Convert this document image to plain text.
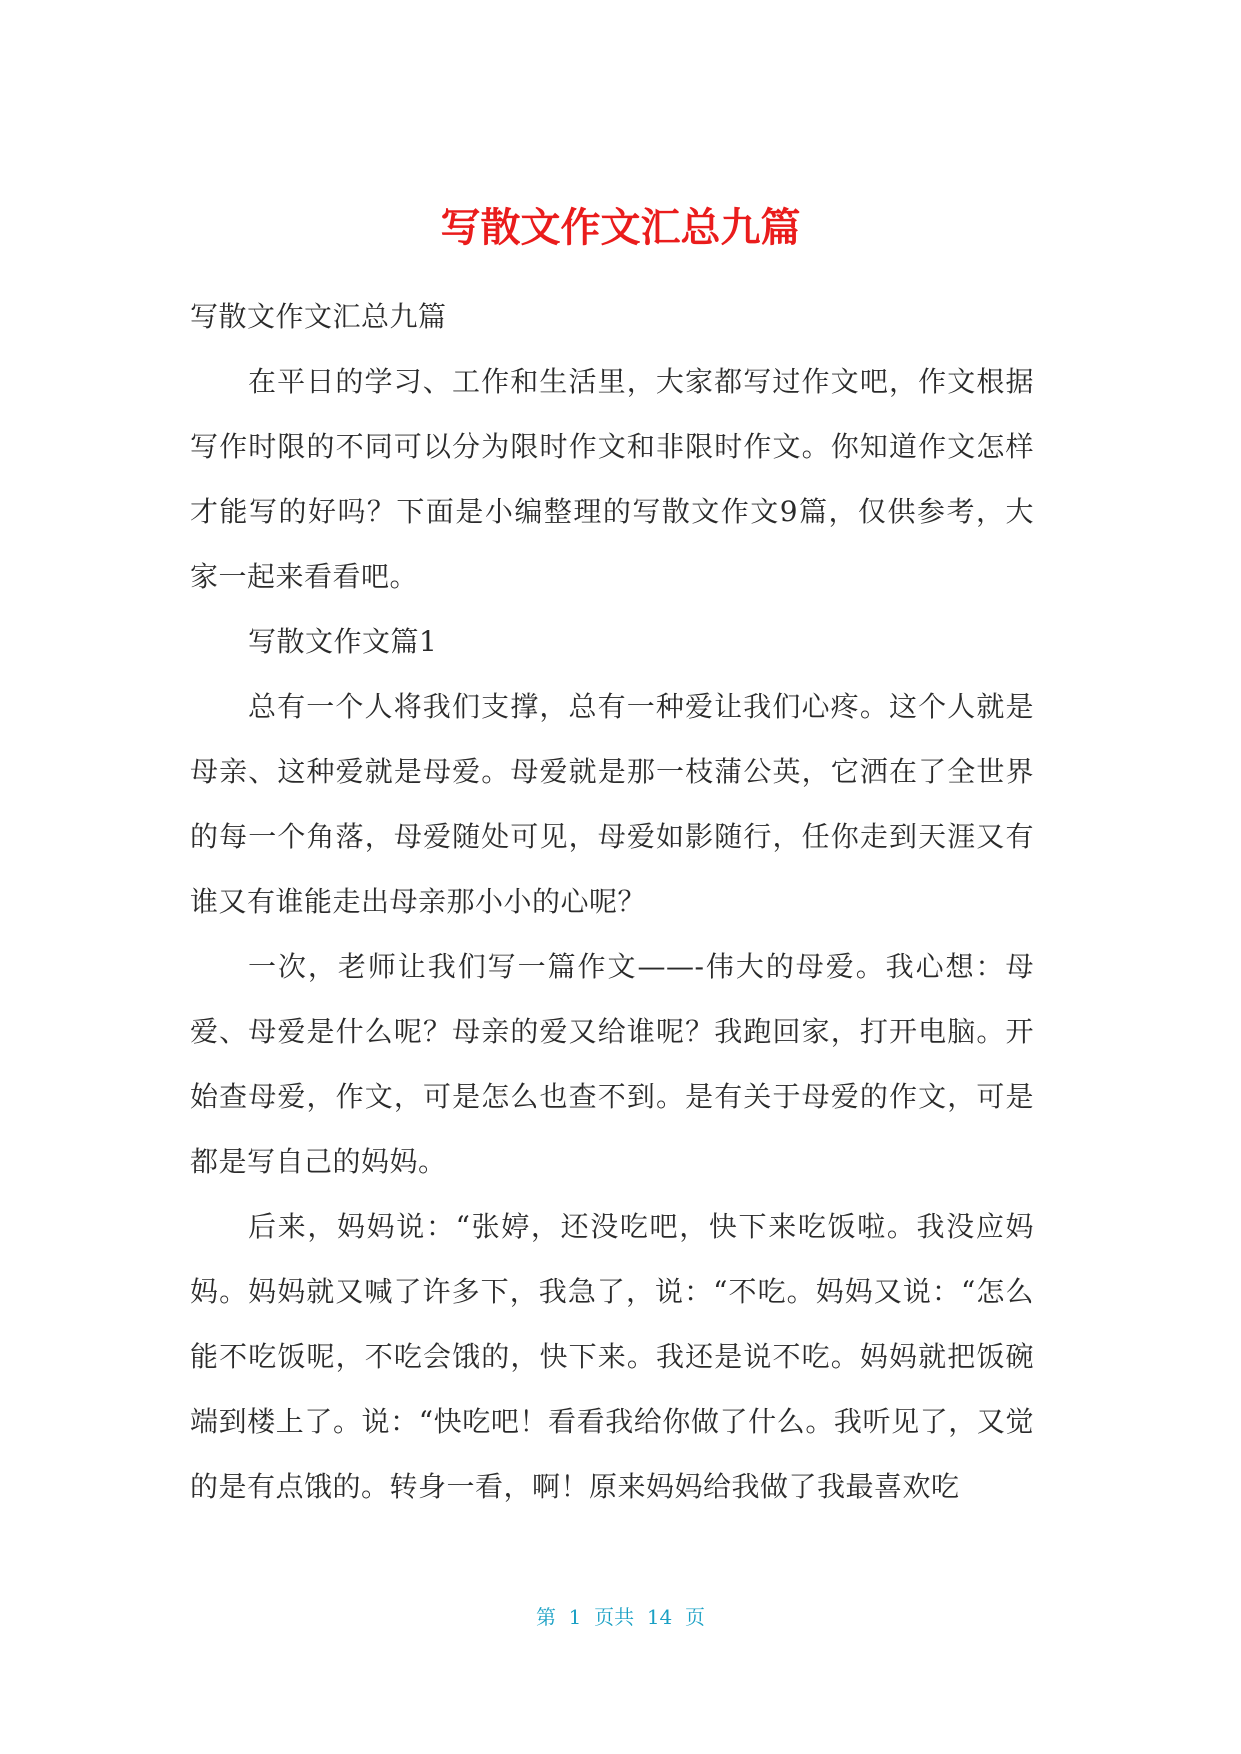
写散文作文汇总九篇

写散文作文汇总九篇

在平日的学习、工作和生活里，大家都写过作文吧，作文根据写作时限的不同可以分为限时作文和非限时作文。你知道作文怎样才能写的好吗？下面是小编整理的写散文作文9篇，仅供参考，大家一起来看看吧。

写散文作文篇1

总有一个人将我们支撑，总有一种爱让我们心疼。这个人就是母亲、这种爱就是母爱。母爱就是那一枝蒲公英，它洒在了全世界的每一个角落，母爱随处可见，母爱如影随行，任你走到天涯又有谁又有谁能走出母亲那小小的心呢？

一次，老师让我们写一篇作文——-伟大的母爱。我心想：母爱、母爱是什么呢？母亲的爱又给谁呢？我跑回家，打开电脑。开始查母爱，作文，可是怎么也查不到。是有关于母爱的作文，可是都是写自己的妈妈。

后来，妈妈说：“张婷，还没吃吧，快下来吃饭啦。我没应妈妈。妈妈就又喊了许多下，我急了，说：“不吃。妈妈又说：“怎么能不吃饭呢，不吃会饿的，快下来。我还是说不吃。妈妈就把饭碗端到楼上了。说：“快吃吧！看看我给你做了什么。我听见了，又觉的是有点饿的。转身一看，啊！原来妈妈给我做了我最喜欢吃

第  1  页共  14  页
